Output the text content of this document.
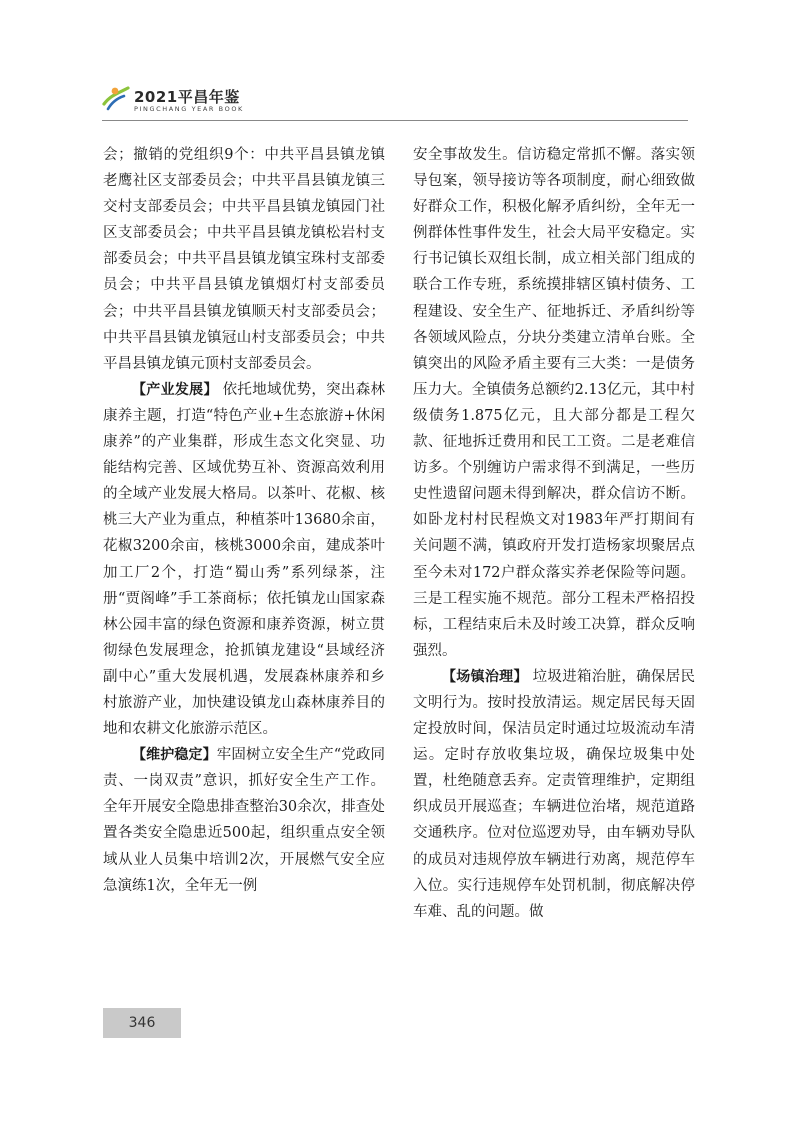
2021平昌年鉴
PINGCHANG YEAR BOOK

会；撤销的党组织9个：中共平昌县镇龙镇老鹰社区支部委员会；中共平昌县镇龙镇三交村支部委员会；中共平昌县镇龙镇园门社区支部委员会；中共平昌县镇龙镇松岩村支部委员会；中共平昌县镇龙镇宝珠村支部委员会；中共平昌县镇龙镇烟灯村支部委员会；中共平昌县镇龙镇顺天村支部委员会；中共平昌县镇龙镇冠山村支部委员会；中共平昌县镇龙镇元顶村支部委员会。

【产业发展】 依托地域优势，突出森林康养主题，打造“特色产业+生态旅游+休闲康养”的产业集群，形成生态文化突显、功能结构完善、区域优势互补、资源高效利用的全域产业发展大格局。以茶叶、花椒、核桃三大产业为重点，种植茶叶13680余亩，花椒3200余亩，核桃3000余亩，建成茶叶加工厂2个，打造“蜀山秀”系列绿茶，注册“贾阁峰”手工茶商标；依托镇龙山国家森林公园丰富的绿色资源和康养资源，树立贯彻绿色发展理念，抢抓镇龙建设“县域经济副中心”重大发展机遇，发展森林康养和乡村旅游产业，加快建设镇龙山森林康养目的地和农耕文化旅游示范区。

【维护稳定】牢固树立安全生产“党政同责、一岗双责”意识，抓好安全生产工作。全年开展安全隐患排查整治30余次，排查处置各类安全隐患近500起，组织重点安全领域从业人员集中培训2次，开展燃气安全应急演练1次，全年无一例

安全事故发生。信访稳定常抓不懈。落实领导包案，领导接访等各项制度，耐心细致做好群众工作，积极化解矛盾纠纷，全年无一例群体性事件发生，社会大局平安稳定。实行书记镇长双组长制，成立相关部门组成的联合工作专班，系统摸排辖区镇村债务、工程建设、安全生产、征地拆迁、矛盾纠纷等各领域风险点，分块分类建立清单台账。全镇突出的风险矛盾主要有三大类：一是债务压力大。全镇债务总额约2.13亿元，其中村级债务1.875亿元，且大部分都是工程欠款、征地拆迁费用和民工工资。二是老难信访多。个别缠访户需求得不到满足，一些历史性遗留问题未得到解决，群众信访不断。如卧龙村村民程焕文对1983年严打期间有关问题不满，镇政府开发打造杨家坝聚居点至今未对172户群众落实养老保险等问题。三是工程实施不规范。部分工程未严格招投标，工程结束后未及时竣工决算，群众反响强烈。

【场镇治理】 垃圾进箱治脏，确保居民文明行为。按时投放清运。规定居民每天固定投放时间，保洁员定时通过垃圾流动车清运。定时存放收集垃圾，确保垃圾集中处置，杜绝随意丢弃。定责管理维护，定期组织成员开展巡查；车辆进位治堵，规范道路交通秩序。位对位巡逻劝导，由车辆劝导队的成员对违规停放车辆进行劝离，规范停车入位。实行违规停车处罚机制，彻底解决停车难、乱的问题。做

346
